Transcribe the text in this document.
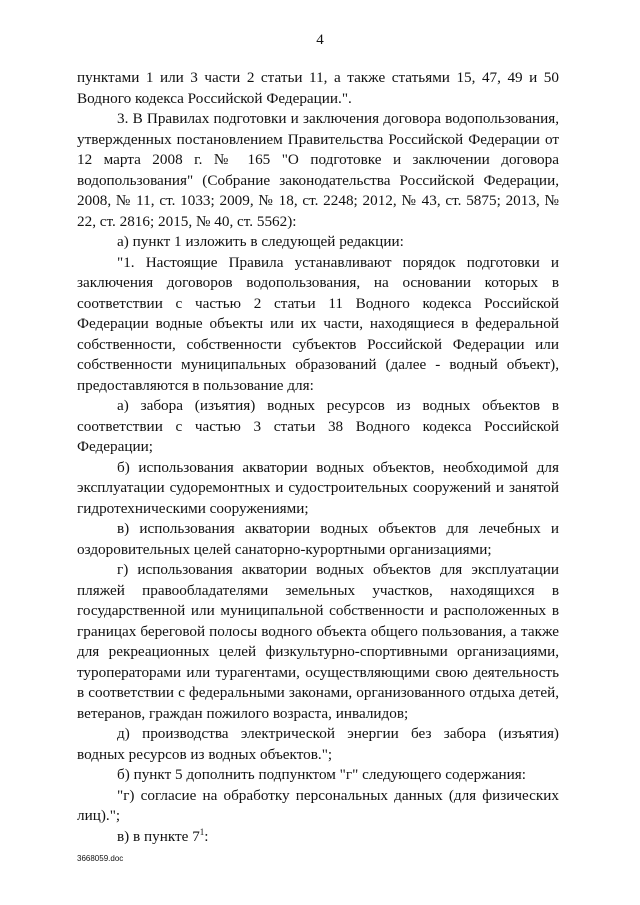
4

пунктами 1 или 3 части 2 статьи 11, а также статьями 15, 47, 49 и 50 Водного кодекса Российской Федерации.".

3. В Правилах подготовки и заключения договора водопользования, утвержденных постановлением Правительства Российской Федерации от 12 марта 2008 г. № 165 "О подготовке и заключении договора водопользования" (Собрание законодательства Российской Федерации, 2008, № 11, ст. 1033; 2009, № 18, ст. 2248; 2012, № 43, ст. 5875; 2013, № 22, ст. 2816; 2015, № 40, ст. 5562):

а) пункт 1 изложить в следующей редакции:

"1. Настоящие Правила устанавливают порядок подготовки и заключения договоров водопользования, на основании которых в соответствии с частью 2 статьи 11 Водного кодекса Российской Федерации водные объекты или их части, находящиеся в федеральной собственности, собственности субъектов Российской Федерации или собственности муниципальных образований (далее - водный объект), предоставляются в пользование для:

а) забора (изъятия) водных ресурсов из водных объектов в соответствии с частью 3 статьи 38 Водного кодекса Российской Федерации;

б) использования акватории водных объектов, необходимой для эксплуатации судоремонтных и судостроительных сооружений и занятой гидротехническими сооружениями;

в) использования акватории водных объектов для лечебных и оздоровительных целей санаторно-курортными организациями;

г) использования акватории водных объектов для эксплуатации пляжей правообладателями земельных участков, находящихся в государственной или муниципальной собственности и расположенных в границах береговой полосы водного объекта общего пользования, а также для рекреационных целей физкультурно-спортивными организациями, туроператорами или турагентами, осуществляющими свою деятельность в соответствии с федеральными законами, организованного отдыха детей, ветеранов, граждан пожилого возраста, инвалидов;

д) производства электрической энергии без забора (изъятия) водных ресурсов из водных объектов.";

б) пункт 5 дополнить подпунктом "г" следующего содержания:

"г) согласие на обработку персональных данных (для физических лиц).";

в) в пункте $7^1$:

3668059.doc
